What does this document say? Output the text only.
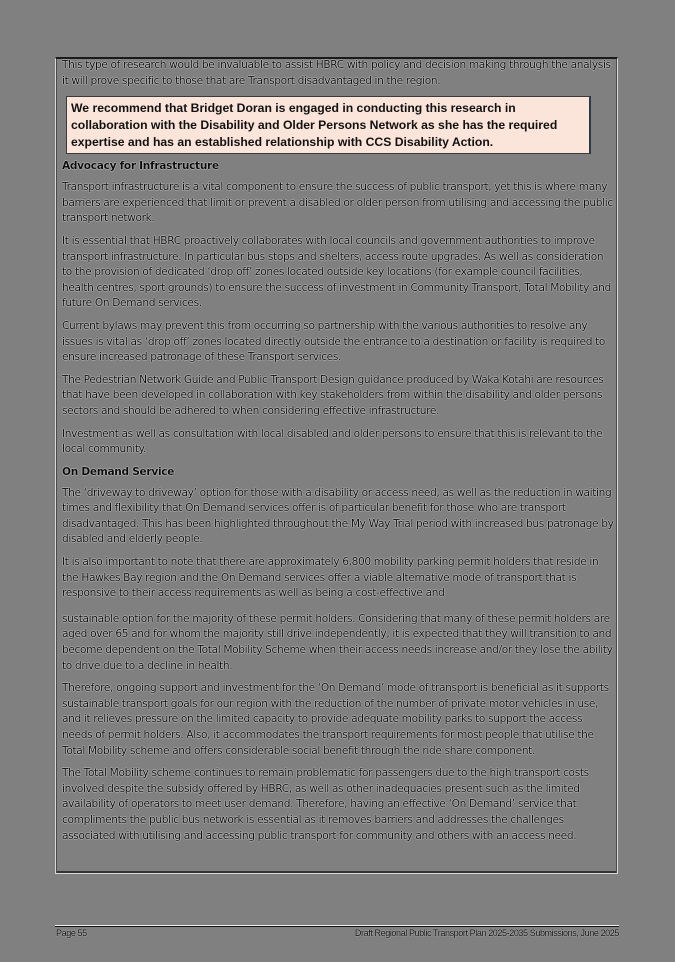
This type of research would be invaluable to assist HBRC with policy and decision making through the analysis it will prove specific to those that are Transport disadvantaged in the region.

We recommend that Bridget Doran is engaged in conducting this research in collaboration with the Disability and Older Persons Network as she has the required expertise and has an established relationship with CCS Disability Action.
Advocacy for Infrastructure

Transport infrastructure is a vital component to ensure the success of public transport, yet this is where many barriers are experienced that limit or prevent a disabled or older person from utilising and accessing the public transport network.

It is essential that HBRC proactively collaborates with local councils and government authorities to improve transport infrastructure. In particular bus stops and shelters, access route upgrades. As well as consideration to the provision of dedicated ‘drop off’ zones located outside key locations (for example council facilities, health centres, sport grounds) to ensure the success of investment in Community Transport, Total Mobility and future On Demand services.

Current bylaws may prevent this from occurring so partnership with the various authorities to resolve any issues is vital as ‘drop off’ zones located directly outside the entrance to a destination or facility is required to ensure increased patronage of these Transport services.

The Pedestrian Network Guide and Public Transport Design guidance produced by Waka Kotahi are resources that have been developed in collaboration with key stakeholders from within the disability and older persons sectors and should be adhered to when considering effective infrastructure.

Investment as well as consultation with local disabled and older persons to ensure that this is relevant to the local community.

On Demand Service

The ‘driveway to driveway’ option for those with a disability or access need, as well as the reduction in waiting times and flexibility that On Demand services offer is of particular benefit for those who are transport disadvantaged. This has been highlighted throughout the My Way Trial period with increased bus patronage by disabled and elderly people.

It is also important to note that there are approximately 6,800 mobility parking permit holders that reside in the Hawkes Bay region and the On Demand services offer a viable alternative mode of transport that is responsive to their access requirements as well as being a cost-effective and

sustainable option for the majority of these permit holders. Considering that many of these permit holders are aged over 65 and for whom the majority still drive independently, it is expected that they will transition to and become dependent on the Total Mobility Scheme when their access needs increase and/or they lose the ability to drive due to a decline in health.

Therefore, ongoing support and investment for the ‘On Demand’ mode of transport is beneficial as it supports sustainable transport goals for our region with the reduction of the number of private motor vehicles in use, and it relieves pressure on the limited capacity to provide adequate mobility parks to support the access needs of permit holders. Also, it accommodates the transport requirements for most people that utilise the Total Mobility scheme and offers considerable social benefit through the ride share component.

The Total Mobility scheme continues to remain problematic for passengers due to the high transport costs involved despite the subsidy offered by HBRC, as well as other inadequacies present such as the limited availability of operators to meet user demand. Therefore, having an effective ‘On Demand’ service that compliments the public bus network is essential as it removes barriers and addresses the challenges associated with utilising and accessing public transport for community and others with an access need.

Page 55	Draft Regional Public Transport Plan 2025-2035 Submissions, June 2025
